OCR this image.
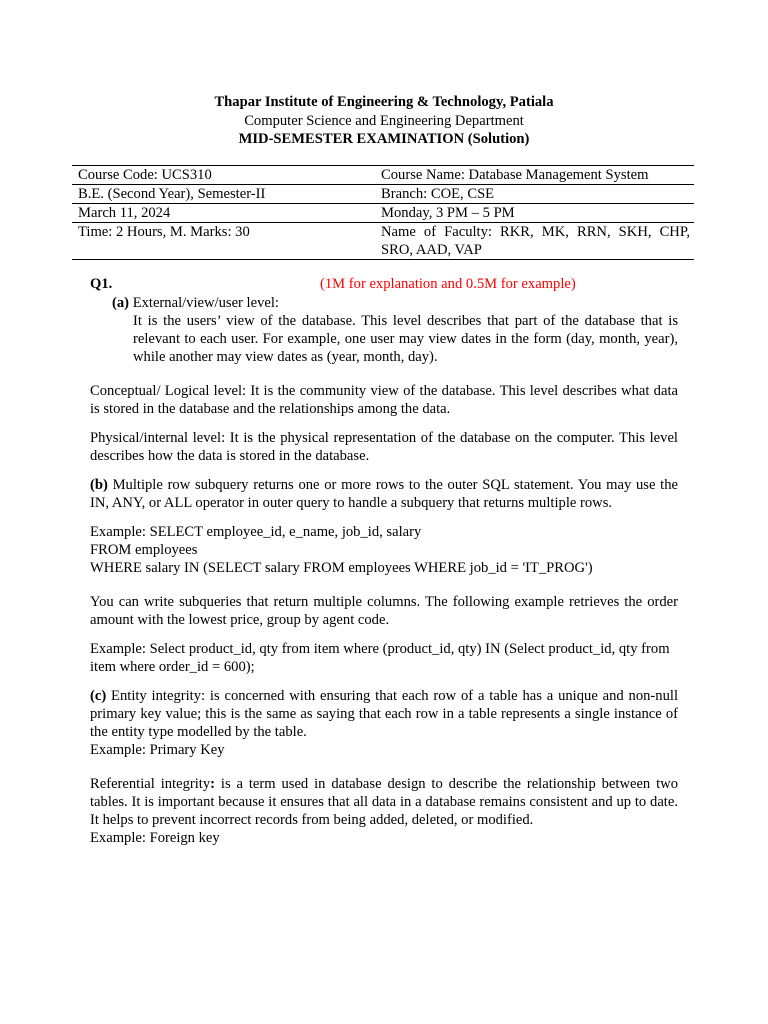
Thapar Institute of Engineering & Technology, Patiala
Computer Science and Engineering Department
MID-SEMESTER EXAMINATION (Solution)
Course Code: UCS310	Course Name: Database Management System
B.E. (Second Year), Semester-II	Branch: COE, CSE
March 11, 2024	Monday, 3 PM – 5 PM
Time: 2 Hours, M. Marks: 30	Name of Faculty: RKR, MK, RRN, SKH, CHP, SRO, AAD, VAP
Q1.	(1M for explanation and 0.5M for example)
(a) External/view/user level:

It is the users’ view of the database. This level describes that part of the database that is relevant to each user. For example, one user may view dates in the form (day, month, year), while another may view dates as (year, month, day).

Conceptual/ Logical level: It is the community view of the database. This level describes what data is stored in the database and the relationships among the data.

Physical/internal level: It is the physical representation of the database on the computer. This level describes how the data is stored in the database.

(b) Multiple row subquery returns one or more rows to the outer SQL statement. You may use the IN, ANY, or ALL operator in outer query to handle a subquery that returns multiple rows.

Example: SELECT employee_id, e_name, job_id, salary

FROM employees

WHERE salary IN (SELECT salary FROM employees WHERE job_id = 'IT_PROG')

You can write subqueries that return multiple columns. The following example retrieves the order amount with the lowest price, group by agent code.

Example: Select product_id, qty from item where (product_id, qty) IN (Select product_id, qty from item where order_id = 600);

(c) Entity integrity: is concerned with ensuring that each row of a table has a unique and non-null primary key value; this is the same as saying that each row in a table represents a single instance of the entity type modelled by the table.

Example: Primary Key

Referential integrity: is a term used in database design to describe the relationship between two tables. It is important because it ensures that all data in a database remains consistent and up to date. It helps to prevent incorrect records from being added, deleted, or modified.

Example: Foreign key
